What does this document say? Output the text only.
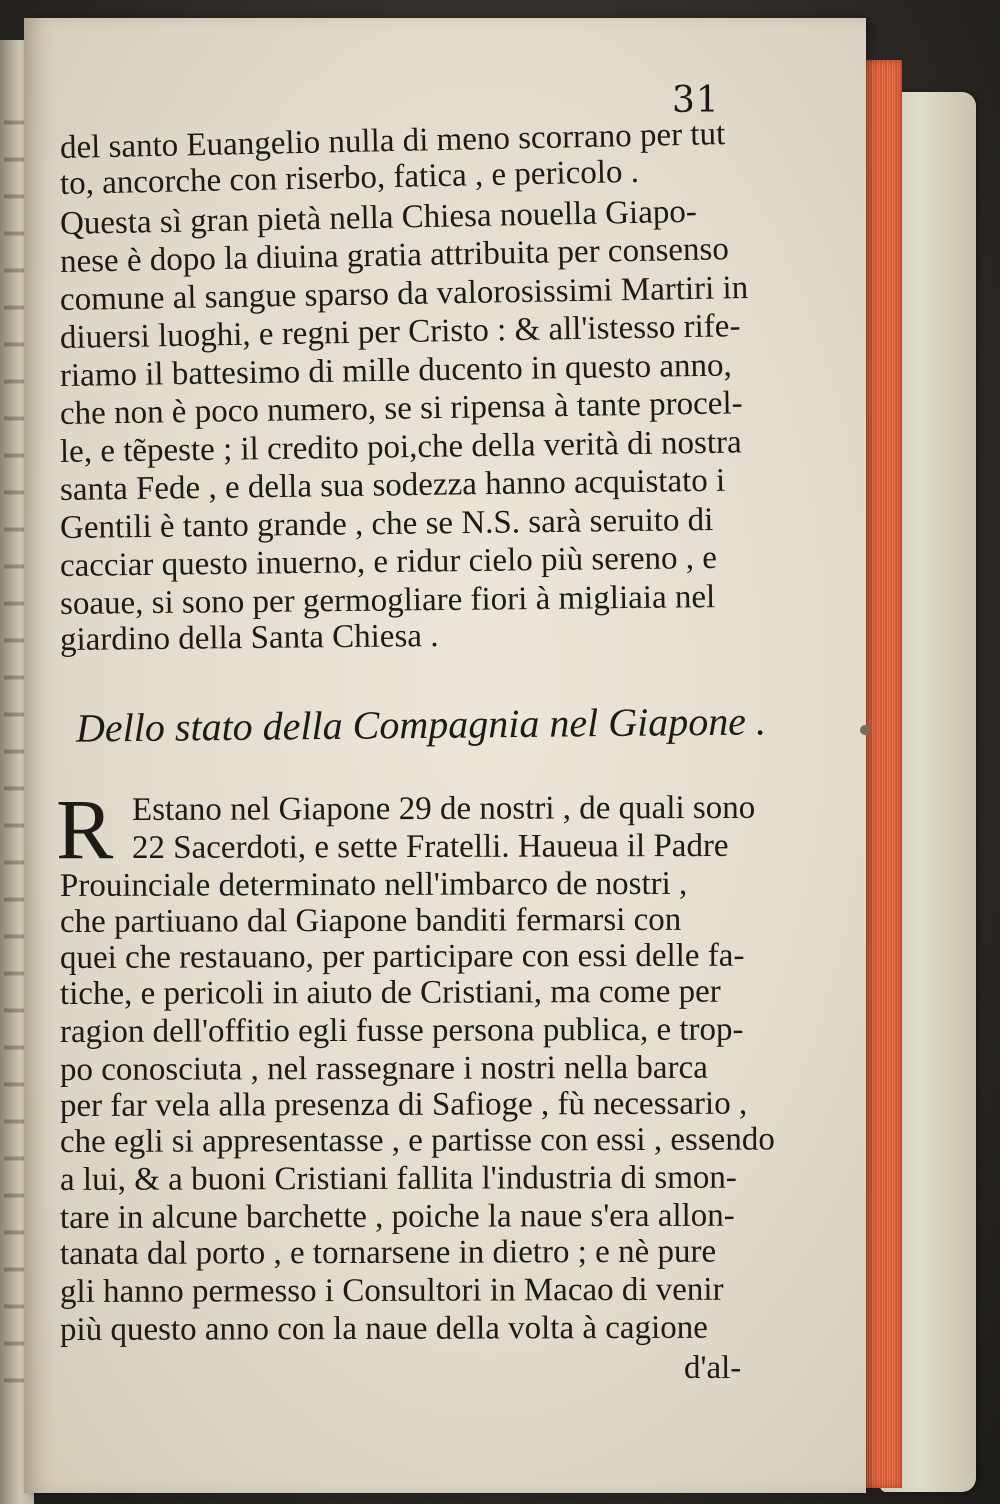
31
del santo Euangelio nulla di meno scorrano per tut
to, ancorche con riserbo, fatica , e pericolo .
Questa sì gran pietà nella Chiesa nouella Giapo-
nese è dopo la diuina gratia attribuita per consenso
comune al sangue sparso da valorosissimi Martiri in
diuersi luoghi, e regni per Cristo : & all'istesso rife-
riamo il battesimo di mille ducento in questo anno,
che non è poco numero, se si ripensa à tante procel-
le, e tẽpeste ; il credito poi,che della verità di nostra
santa Fede , e della sua sodezza hanno acquistato i
Gentili è tanto grande , che se N.S. sarà seruito di
cacciar questo inuerno, e ridur cielo più sereno , e
soaue, si sono per germogliare fiori à migliaia nel
giardino della Santa Chiesa .
Dello stato della Compagnia nel Giapone .
R Estano nel Giapone 29 de nostri , de quali sono
22 Sacerdoti, e sette Fratelli. Haueua il Padre
Prouinciale determinato nell'imbarco de nostri ,
che partiuano dal Giapone banditi fermarsi con
quei che restauano, per participare con essi delle fa-
tiche, e pericoli in aiuto de Cristiani, ma come per
ragion dell'offitio egli fusse persona publica, e trop-
po conosciuta , nel rassegnare i nostri nella barca
per far vela alla presenza di Safioge , fù necessario ,
che egli si appresentasse , e partisse con essi , essendo
a lui, & a buoni Cristiani fallita l'industria di smon-
tare in alcune barchette , poiche la naue s'era allon-
tanata dal porto , e tornarsene in dietro ; e nè pure
gli hanno permesso i Consultori in Macao di venir
più questo anno con la naue della volta à cagione
d'al-
